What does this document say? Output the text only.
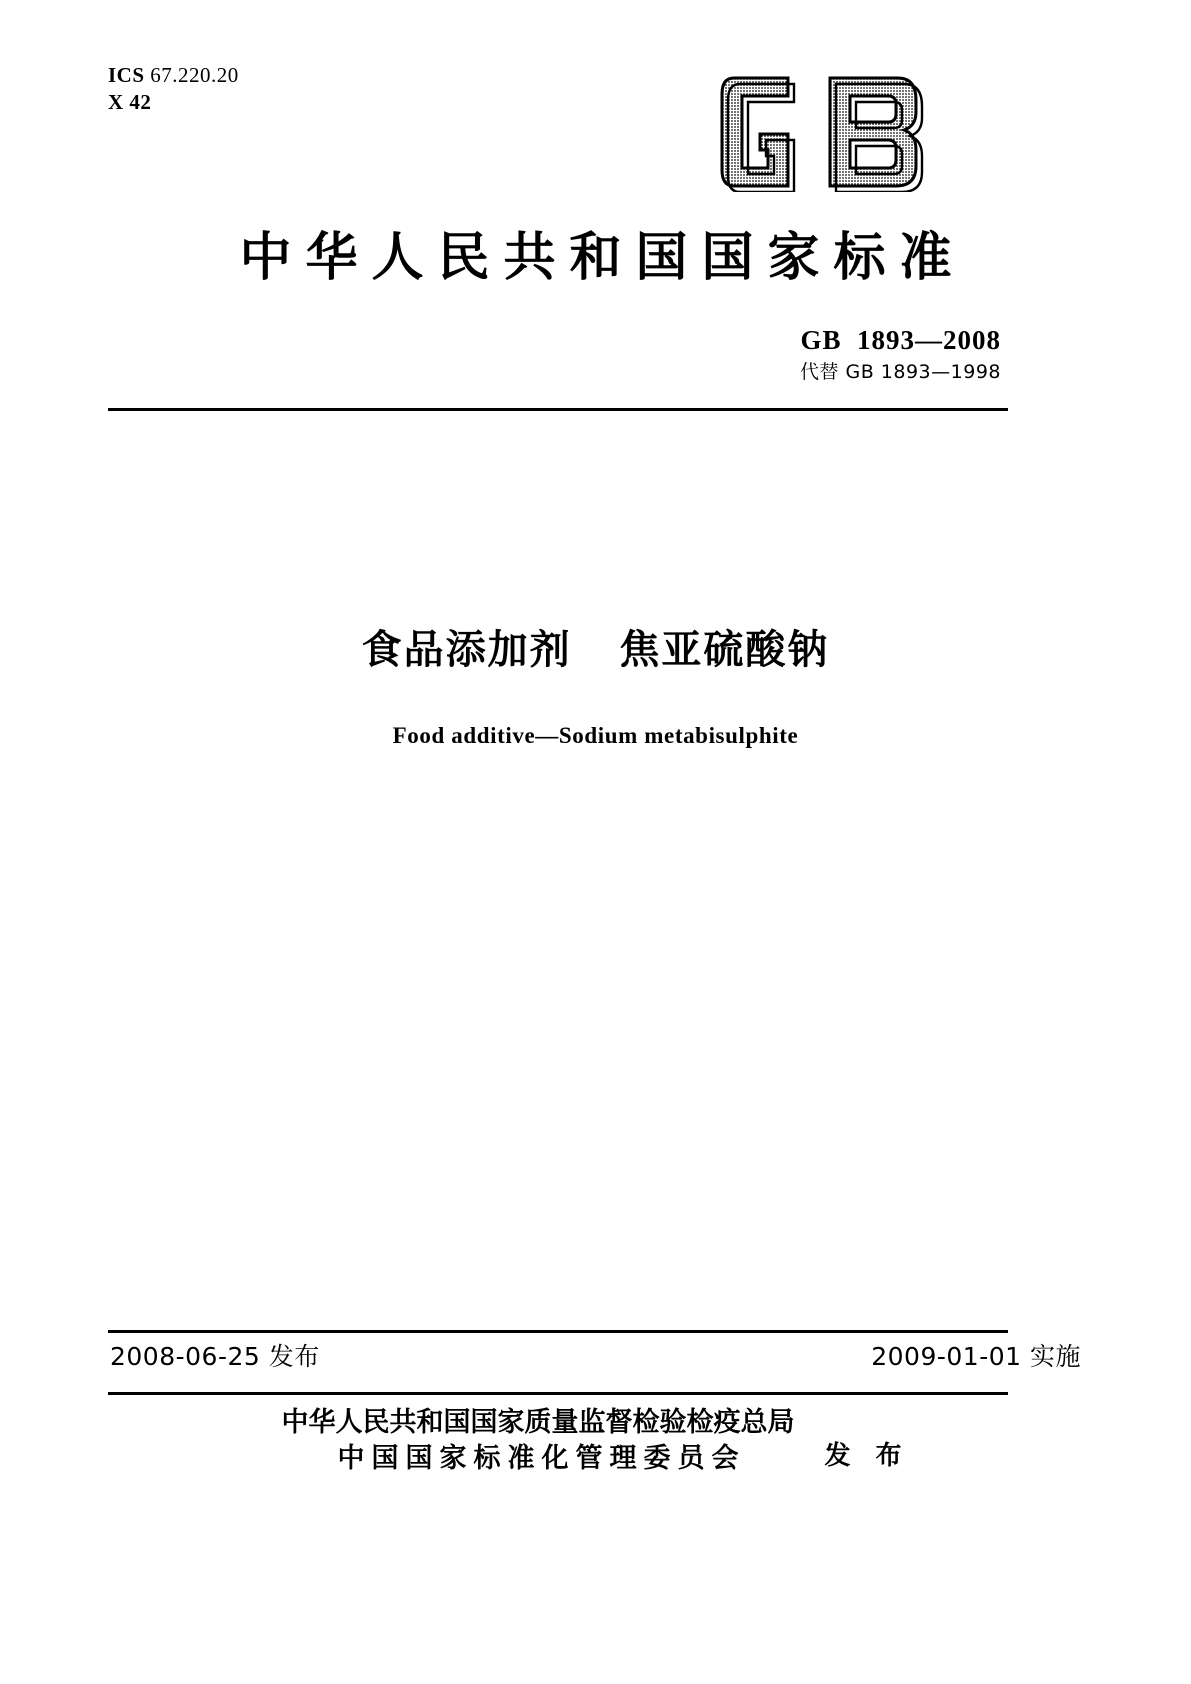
ICS 67.220.20
X 42
中华人民共和国国家标准
GB  1893—2008
代替 GB 1893—1998
食品添加剂   焦亚硫酸钠
Food additive—Sodium metabisulphite
2008-06-25 发布	2009-01-01 实施
中华人民共和国国家质量监督检验检疫总局
中国国家标准化管理委员会	发 布
